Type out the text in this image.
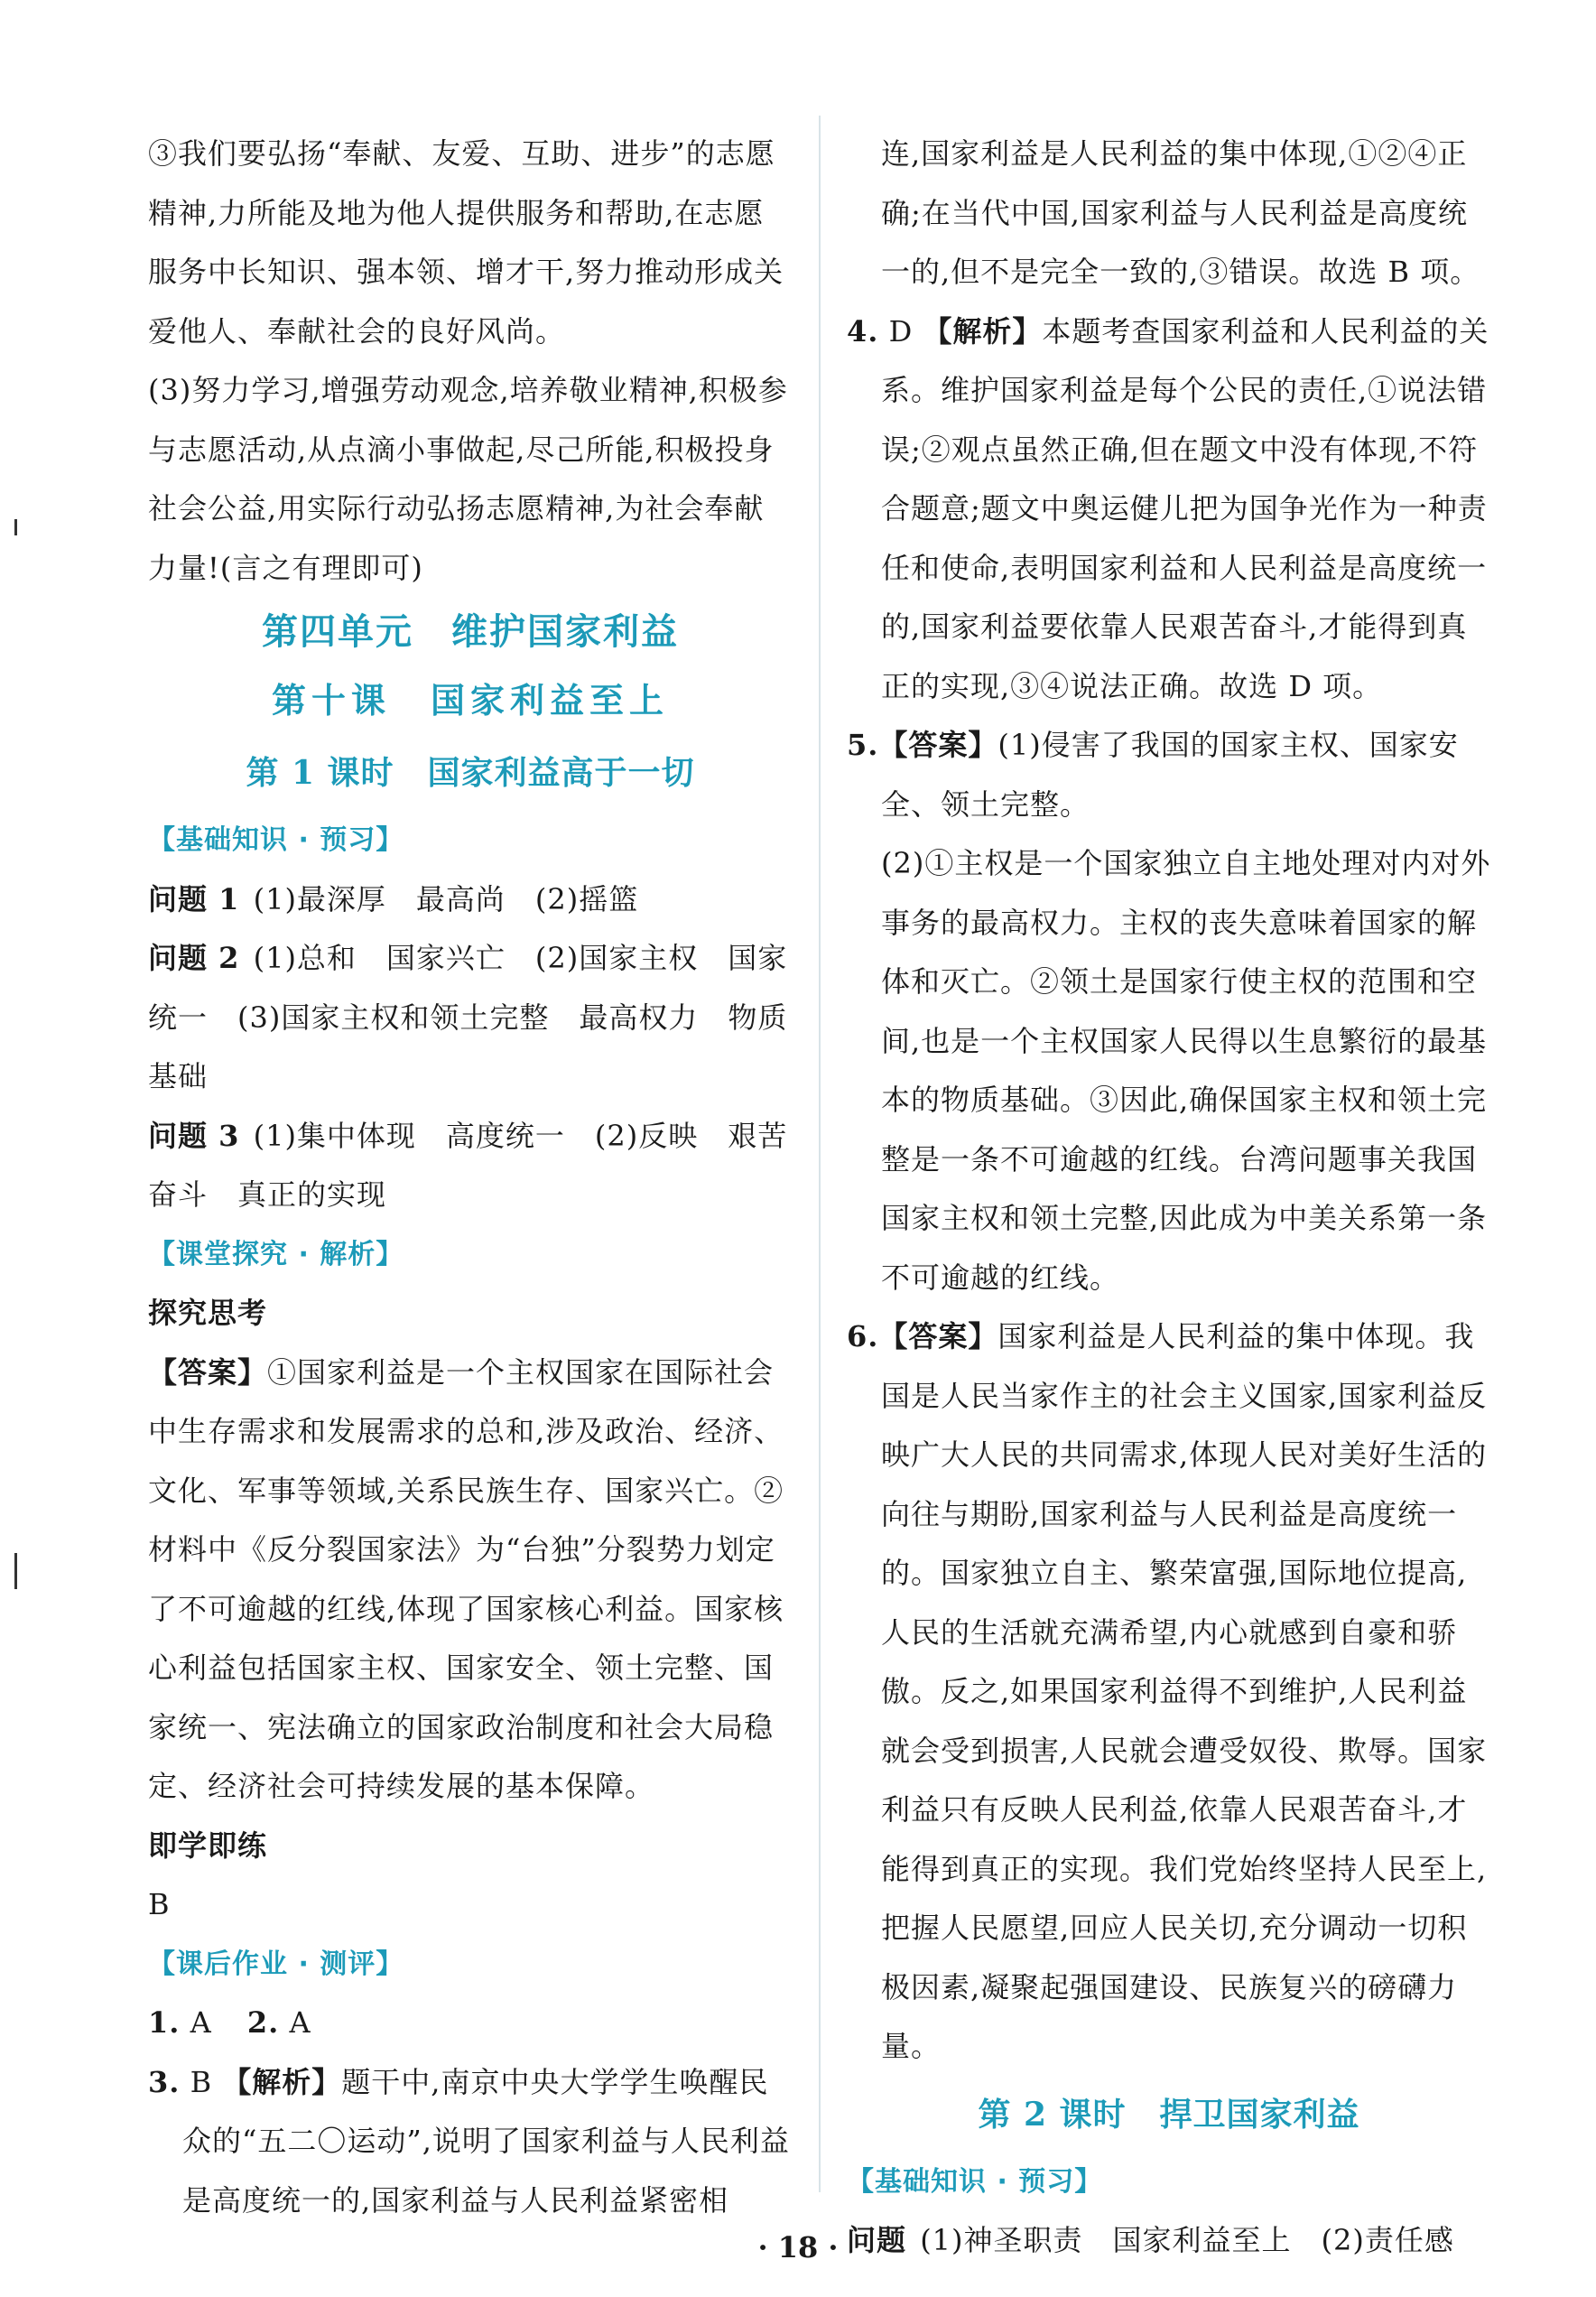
③我们要弘扬“奉献、友爱、互助、进步”的志愿精神,力所能及地为他人提供服务和帮助,在志愿服务中长知识、强本领、增才干,努力推动形成关爱他人、奉献社会的良好风尚。

(3)努力学习,增强劳动观念,培养敬业精神,积极参与志愿活动,从点滴小事做起,尽己所能,积极投身社会公益,用实际行动弘扬志愿精神,为社会奉献力量!(言之有理即可)

第四单元　维护国家利益
第十课　国家利益至上
第 1 课时　国家利益高于一切
【基础知识 · 预习】

问题 1 (1)最深厚　最高尚　(2)摇篮

问题 2 (1)总和　国家兴亡　(2)国家主权　国家统一　(3)国家主权和领土完整　最高权力　物质基础

问题 3 (1)集中体现　高度统一　(2)反映　艰苦奋斗　真正的实现

【课堂探究 · 解析】

探究思考

【答案】①国家利益是一个主权国家在国际社会中生存需求和发展需求的总和,涉及政治、经济、文化、军事等领域,关系民族生存、国家兴亡。②材料中《反分裂国家法》为“台独”分裂势力划定了不可逾越的红线,体现了国家核心利益。国家核心利益包括国家主权、国家安全、领土完整、国家统一、宪法确立的国家政治制度和社会大局稳定、经济社会可持续发展的基本保障。

即学即练

B

【课后作业 · 测评】

1. A 2. A

3. B 【解析】题干中,南京中央大学学生唤醒民众的“五二〇运动”,说明了国家利益与人民利益是高度统一的,国家利益与人民利益紧密相

连,国家利益是人民利益的集中体现,①②④正确;在当代中国,国家利益与人民利益是高度统一的,但不是完全一致的,③错误。故选 B 项。

4. D 【解析】本题考查国家利益和人民利益的关系。维护国家利益是每个公民的责任,①说法错误;②观点虽然正确,但在题文中没有体现,不符合题意;题文中奥运健儿把为国争光作为一种责任和使命,表明国家利益和人民利益是高度统一的,国家利益要依靠人民艰苦奋斗,才能得到真正的实现,③④说法正确。故选 D 项。

5.【答案】(1)侵害了我国的国家主权、国家安全、领土完整。

(2)①主权是一个国家独立自主地处理对内对外事务的最高权力。主权的丧失意味着国家的解体和灭亡。②领土是国家行使主权的范围和空间,也是一个主权国家人民得以生息繁衍的最基本的物质基础。③因此,确保国家主权和领土完整是一条不可逾越的红线。台湾问题事关我国国家主权和领土完整,因此成为中美关系第一条不可逾越的红线。

6.【答案】国家利益是人民利益的集中体现。我国是人民当家作主的社会主义国家,国家利益反映广大人民的共同需求,体现人民对美好生活的向往与期盼,国家利益与人民利益是高度统一的。国家独立自主、繁荣富强,国际地位提高,人民的生活就充满希望,内心就感到自豪和骄傲。反之,如果国家利益得不到维护,人民利益就会受到损害,人民就会遭受奴役、欺辱。国家利益只有反映人民利益,依靠人民艰苦奋斗,才能得到真正的实现。我们党始终坚持人民至上,把握人民愿望,回应人民关切,充分调动一切积极因素,凝聚起强国建设、民族复兴的磅礴力量。

第 2 课时　捍卫国家利益
【基础知识 · 预习】

问题 (1)神圣职责　国家利益至上　(2)责任感

· 18 ·
